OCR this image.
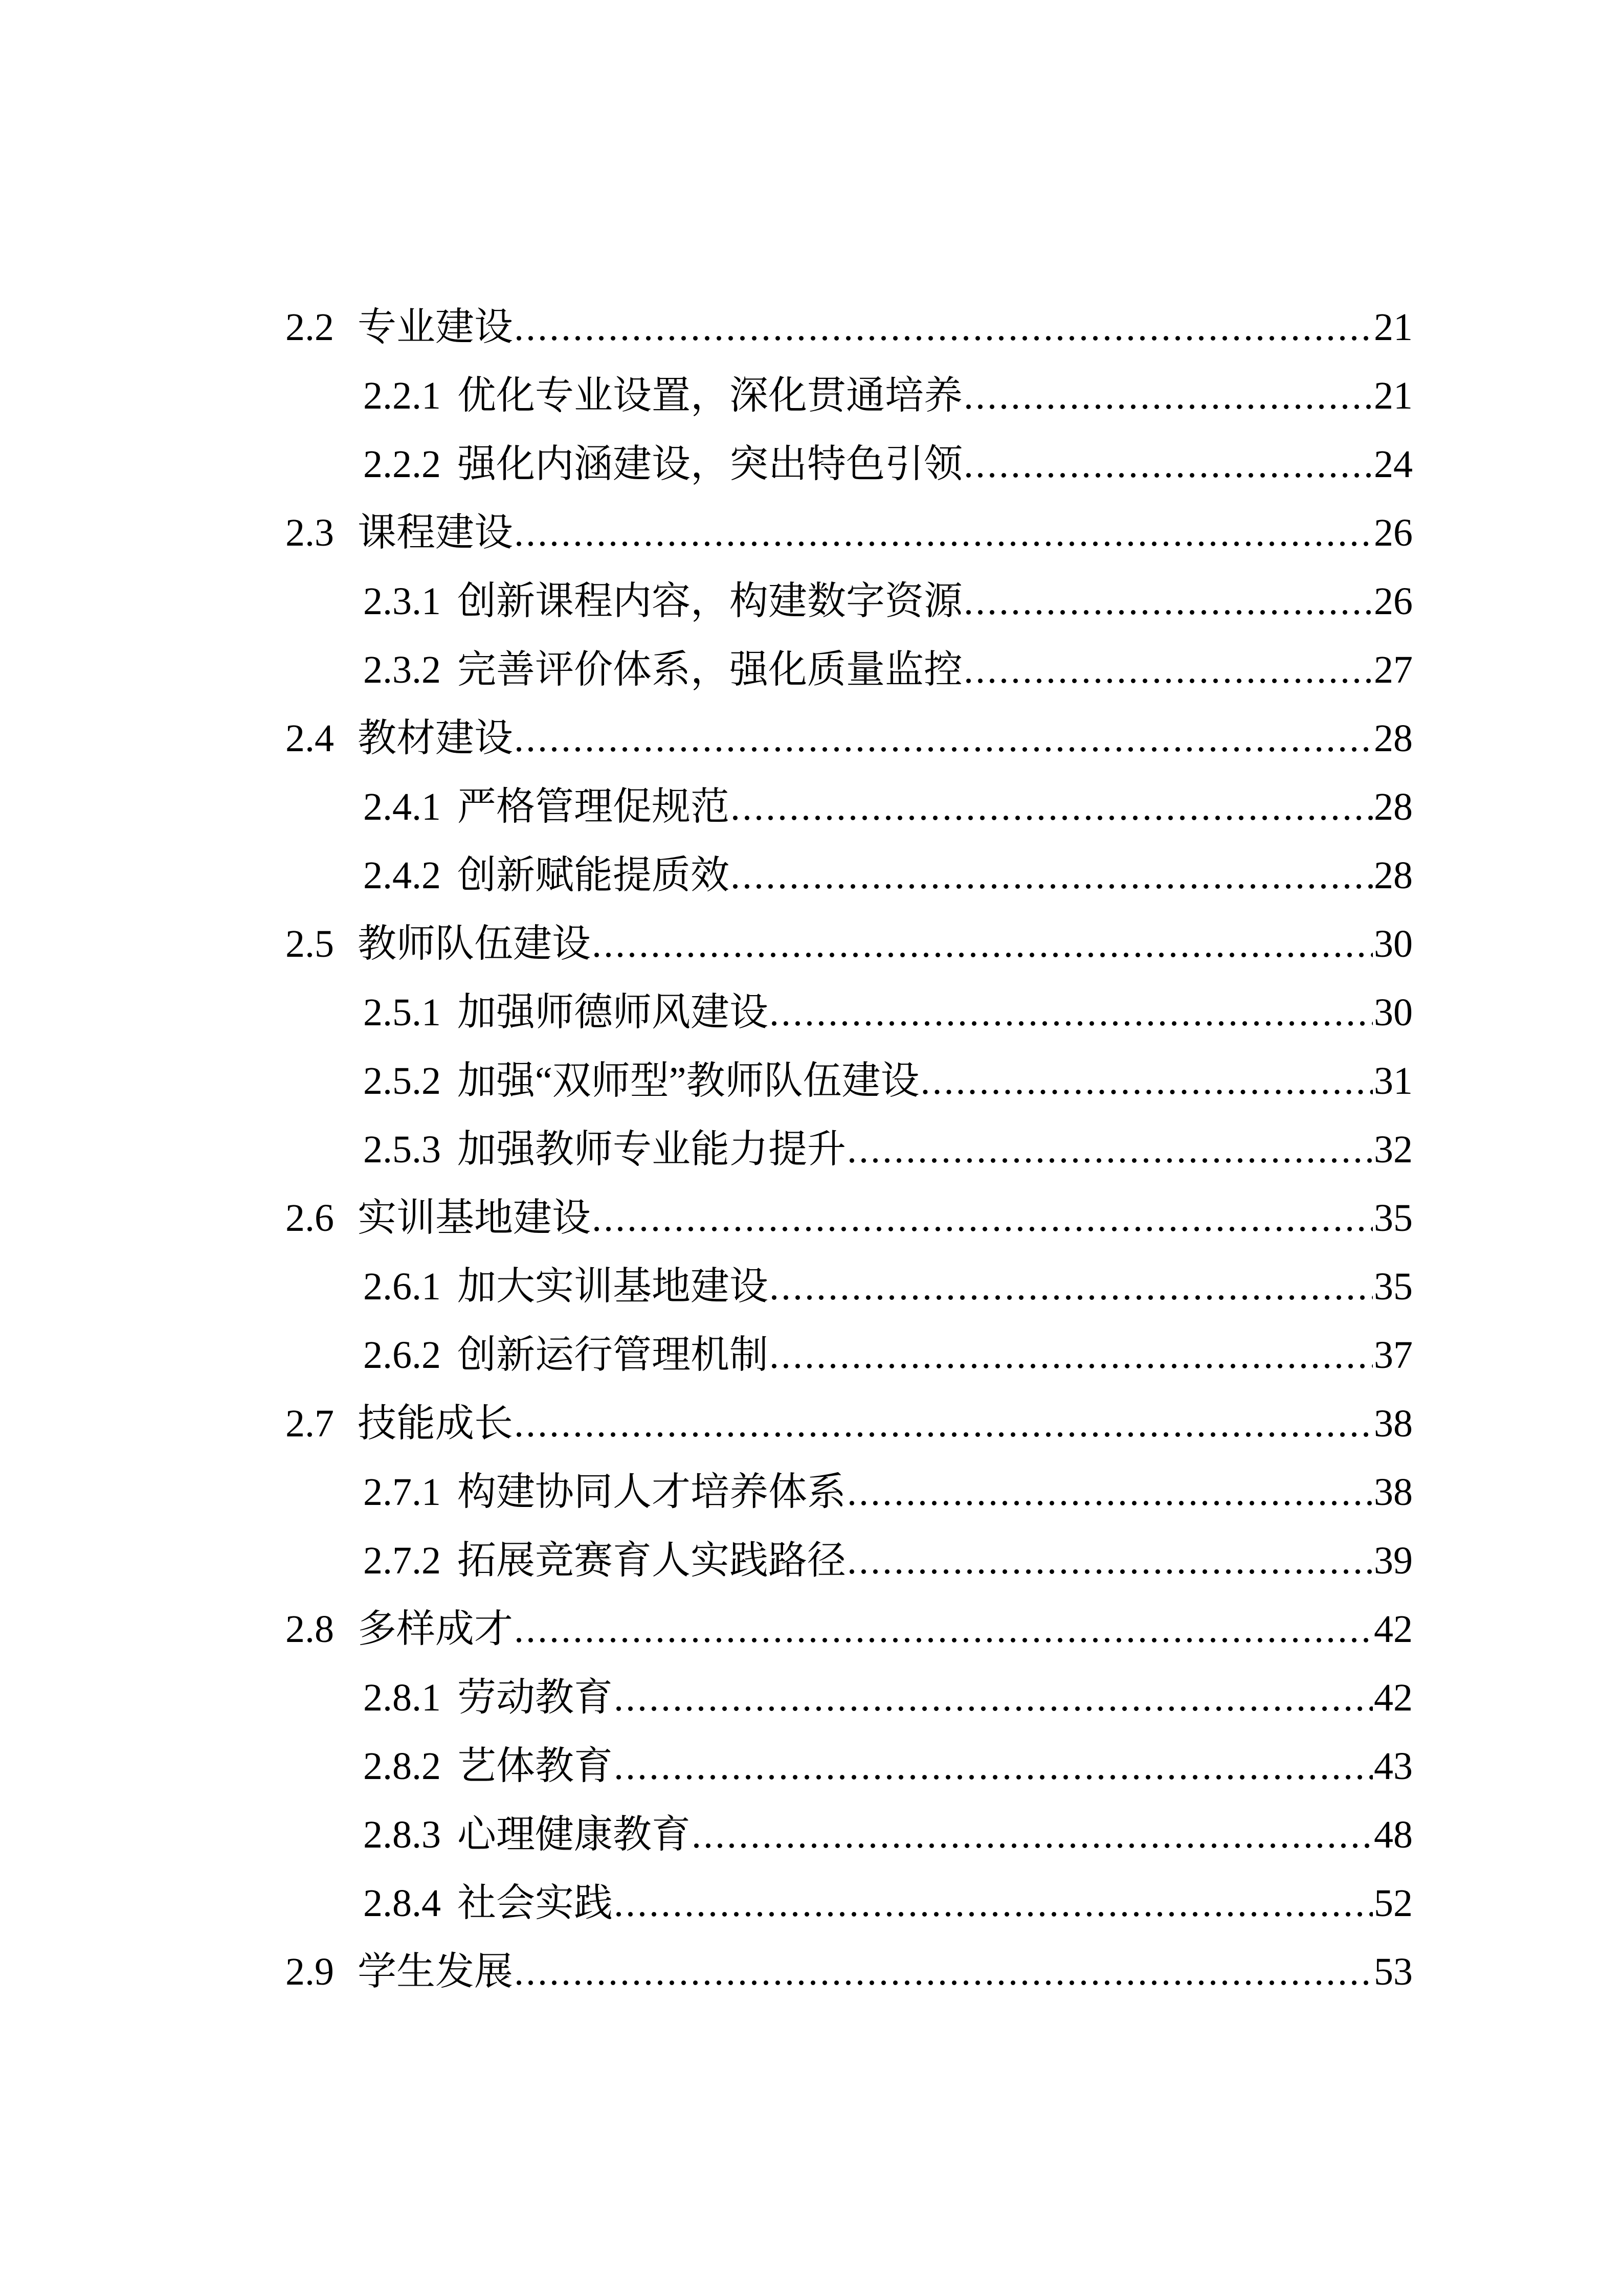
2.2 专业建设 .....	21
2.2.1 优化专业设置，深化贯通培养 .....	21
2.2.2 强化内涵建设，突出特色引领 .....	24
2.3 课程建设 .....	26
2.3.1 创新课程内容，构建数字资源 .....	26
2.3.2 完善评价体系，强化质量监控 .....	27
2.4 教材建设 .....	28
2.4.1 严格管理促规范 .....	28
2.4.2 创新赋能提质效 .....	28
2.5 教师队伍建设 .....	30
2.5.1 加强师德师风建设 .....	30
2.5.2 加强“双师型”教师队伍建设 .....	31
2.5.3 加强教师专业能力提升 .....	32
2.6 实训基地建设 .....	35
2.6.1 加大实训基地建设 .....	35
2.6.2 创新运行管理机制 .....	37
2.7 技能成长 .....	38
2.7.1 构建协同人才培养体系 .....	38
2.7.2 拓展竞赛育人实践路径 .....	39
2.8 多样成才 .....	42
2.8.1 劳动教育 .....	42
2.8.2 艺体教育 .....	43
2.8.3 心理健康教育 .....	48
2.8.4 社会实践 .....	52
2.9 学生发展 .....	53
